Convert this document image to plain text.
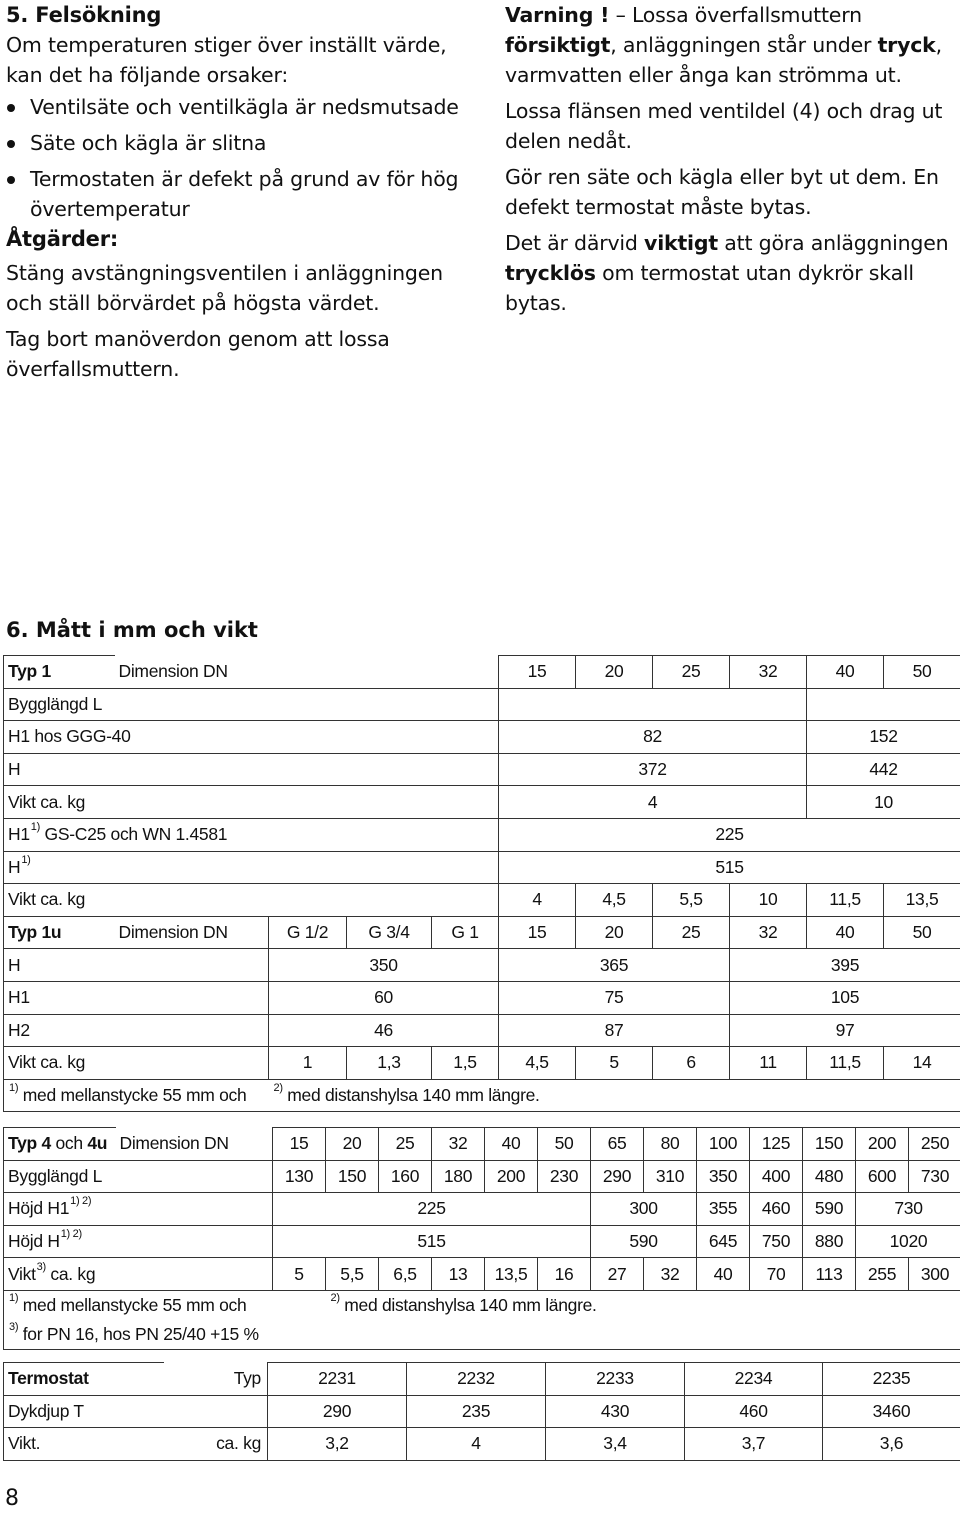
5. Felsökning

Om temperaturen stiger över inställt värde, kan det ha följande orsaker:

Ventilsäte och ventilkägla är nedsmutsade
Säte och kägla är slitna
Termostaten är defekt på grund av för hög övertemperatur
Åtgärder:

Stäng avstängningsventilen i anläggningen och ställ börvärdet på högsta värdet.

Tag bort manöverdon genom att lossa överfallsmuttern.

Varning ! – Lossa överfallsmuttern försiktigt, anläggningen står under tryck, varmvatten eller ånga kan strömma ut.

Lossa flänsen med ventildel (4) och drag ut delen nedåt.

Gör ren säte och kägla eller byt ut dem. En defekt termostat måste bytas.

Det är därvid viktigt att göra anläggningen trycklös om termostat utan dykrör skall bytas.

6. Mått i mm och vikt
Typ 1	Dimension DN				15	20	25	32	40	50
Bygglängd L										
H1 hos GGG-40					82				152	
H					372				442	
Vikt ca. kg					4				10	
H1$^{1)}$ GS-C25 och WN 1.4581					225					
$H^{1)}$					515					
Vikt ca. kg					4	4,5	5,5	10	11,5	13,5
Typ 1u	Dimension DN	G 1/2	G 3/4	G 1	15	20	25	32	40	50
H		350			365			395		
H1		60			75			105		
H2		46			87			97		
Vikt ca. kg		1	1,3	1,5	4,5	5	6	11	11,5	14
$^{1)}$ med mellanstycke 55 mm och		$^{2)}$ med distanshylsa 140 mm längre.								
Typ 4 och 4u	Dimension DN	15	20	25	32	40	50	65	80	100	125	150	200	250
Bygglängd L		130	150	160	180	200	230	290	310	350	400	480	600	730
Höjd $H1^{1) 2)}$		225						300		355	460	590	730	
Höjd $H^{1) 2)}$		515						590		645	750	880	1020	
Vikt$^{3)}$ ca. kg		5	5,5	6,5	13	13,5	16	27	32	40	70	113	255	300
$^{1)}$ med mellanstycke 55 mm och			$^{2)}$ med distanshylsa 140 mm längre.											
$^{3)}$ for PN 16, hos PN 25/40 +15 %														
Termostat	Typ	2231	2232	2233	2234	2235
Dykdjup T		290	235	430	460	3460
Vikt.	ca. kg	3,2	4	3,4	3,7	3,6
8
